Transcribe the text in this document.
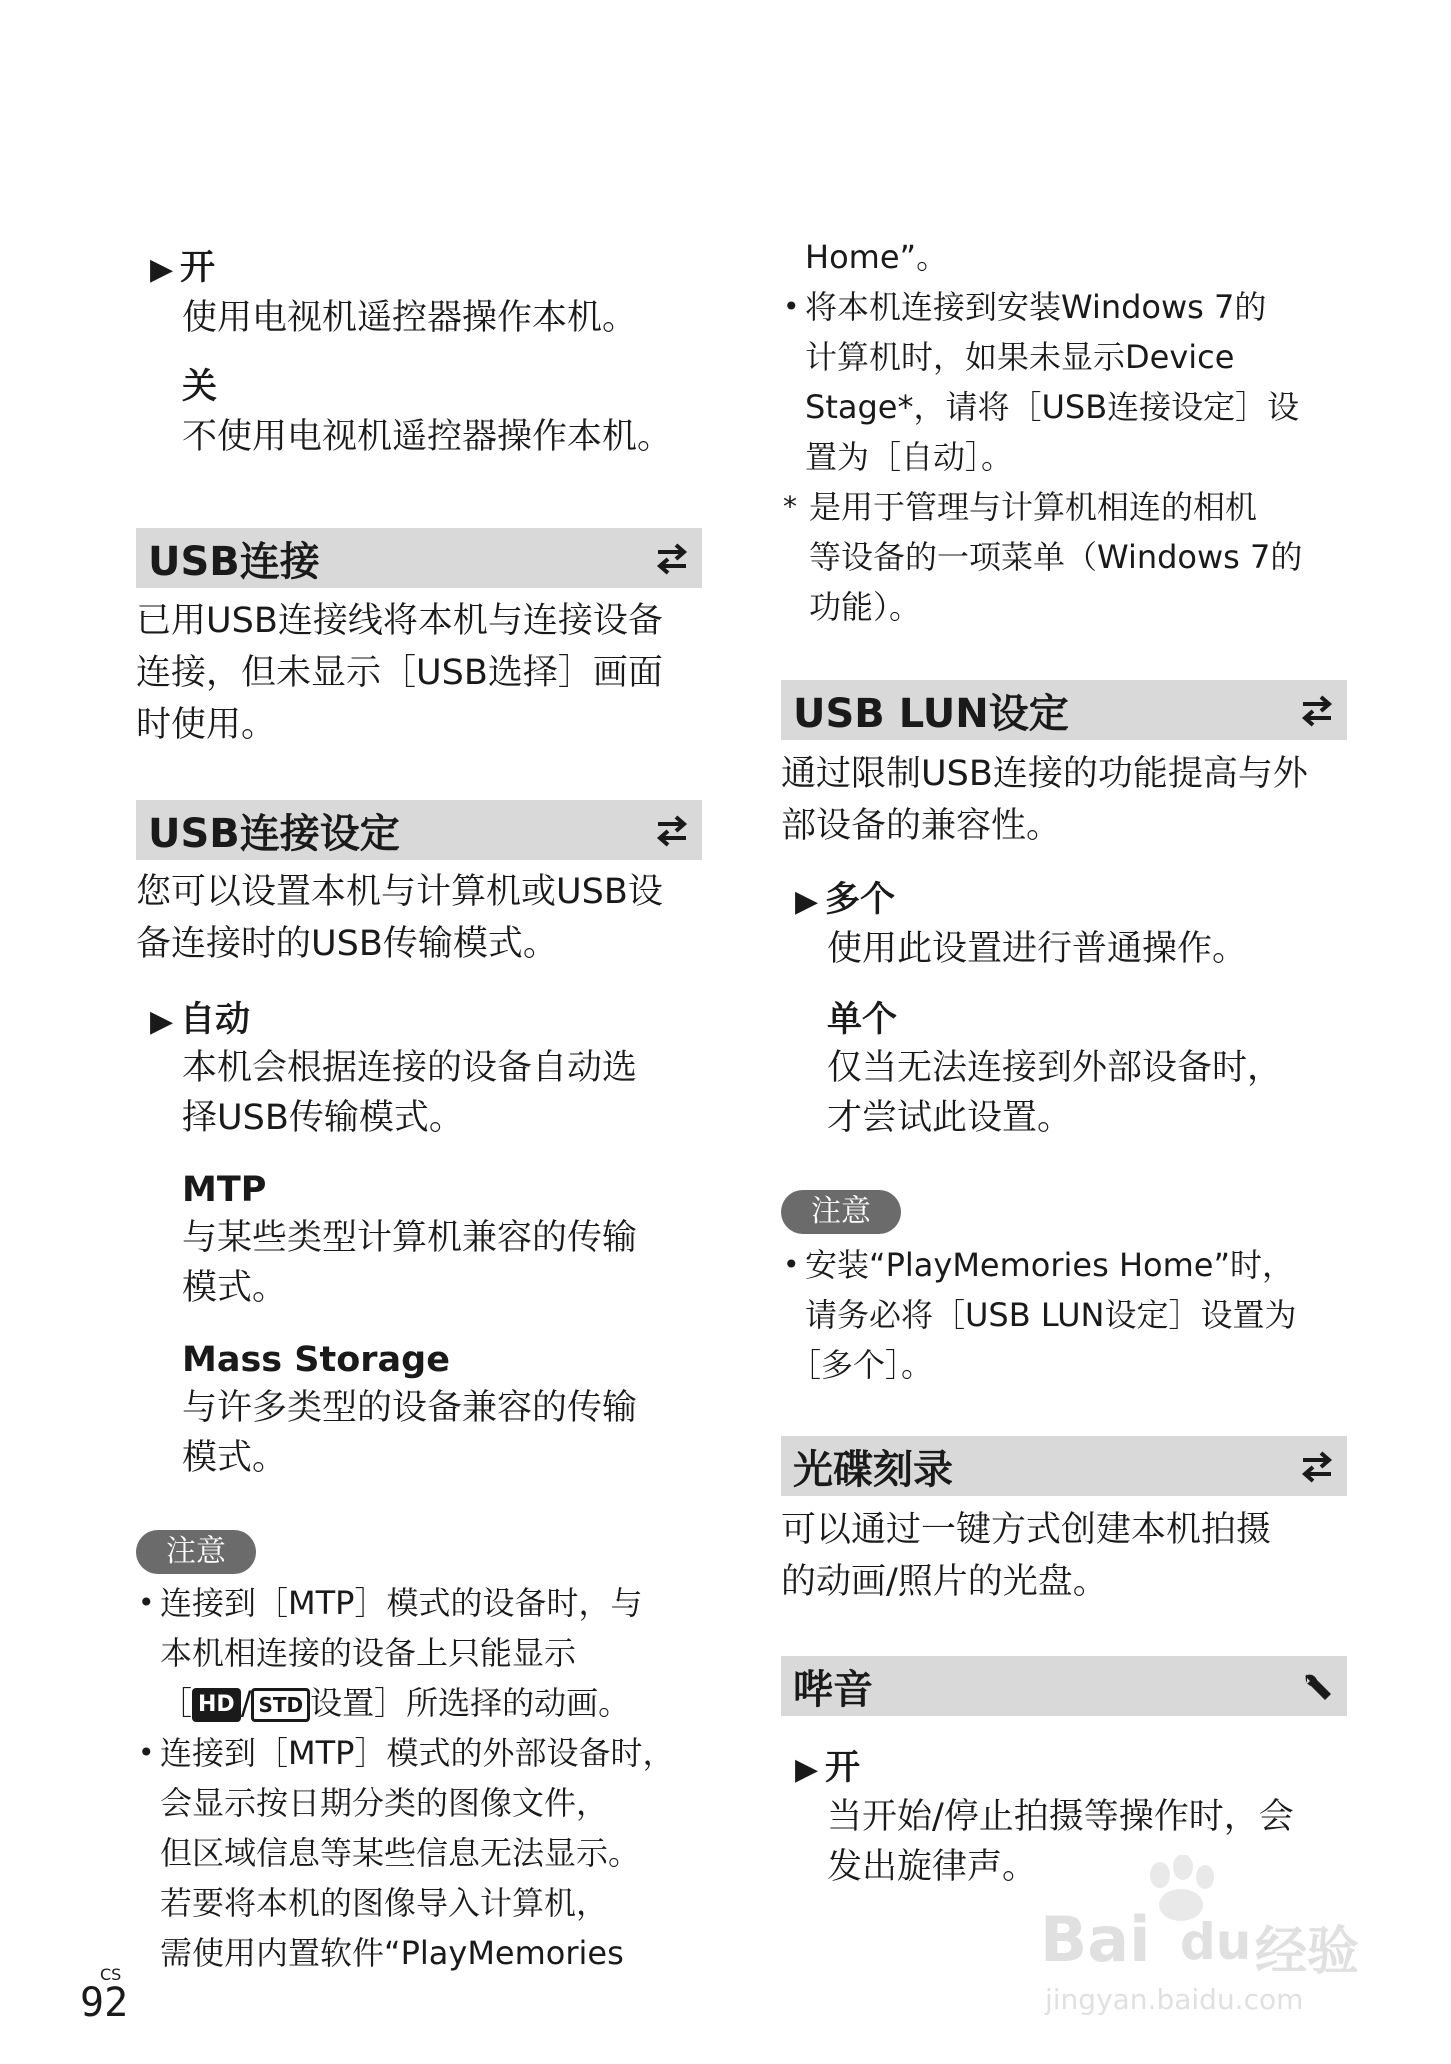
▶ 开
使用电视机遥控器操作本机。
关
不使用电视机遥控器操作本机。
USB连接
已用USB连接线将本机与连接设备
连接，但未显示［USB选择］画面
时使用。
USB连接设定
您可以设置本机与计算机或USB设
备连接时的USB传输模式。
▶ 自动
本机会根据连接的设备自动选
择USB传输模式。
MTP
与某些类型计算机兼容的传输
模式。
Mass Storage
与许多类型的设备兼容的传输
模式。
注意
• 连接到［MTP］模式的设备时，与
本机相连接的设备上只能显示
［ HD / STD 设置］所选择的动画。
• 连接到［MTP］模式的外部设备时，
会显示按日期分类的图像文件，
但区域信息等某些信息无法显示。
若要将本机的图像导入计算机，
需使用内置软件“PlayMemories
Home”。
• 将本机连接到安装Windows 7的
计算机时，如果未显示Device
Stage*，请将［USB连接设定］设
置为［自动］。
* 是用于管理与计算机相连的相机
等设备的一项菜单（Windows 7的
功能）。
USB LUN设定
通过限制USB连接的功能提高与外
部设备的兼容性。
▶ 多个
使用此设置进行普通操作。
单个
仅当无法连接到外部设备时，
才尝试此设置。
注意
• 安装“PlayMemories Home”时，
请务必将［USB LUN设定］设置为
［多个］。
光碟刻录
可以通过一键方式创建本机拍摄
的动画/照片的光盘。
哔音
▶ 开
当开始/停止拍摄等操作时，会
发出旋律声。
CS
92
Bai du 经验
jingyan.baidu.com
